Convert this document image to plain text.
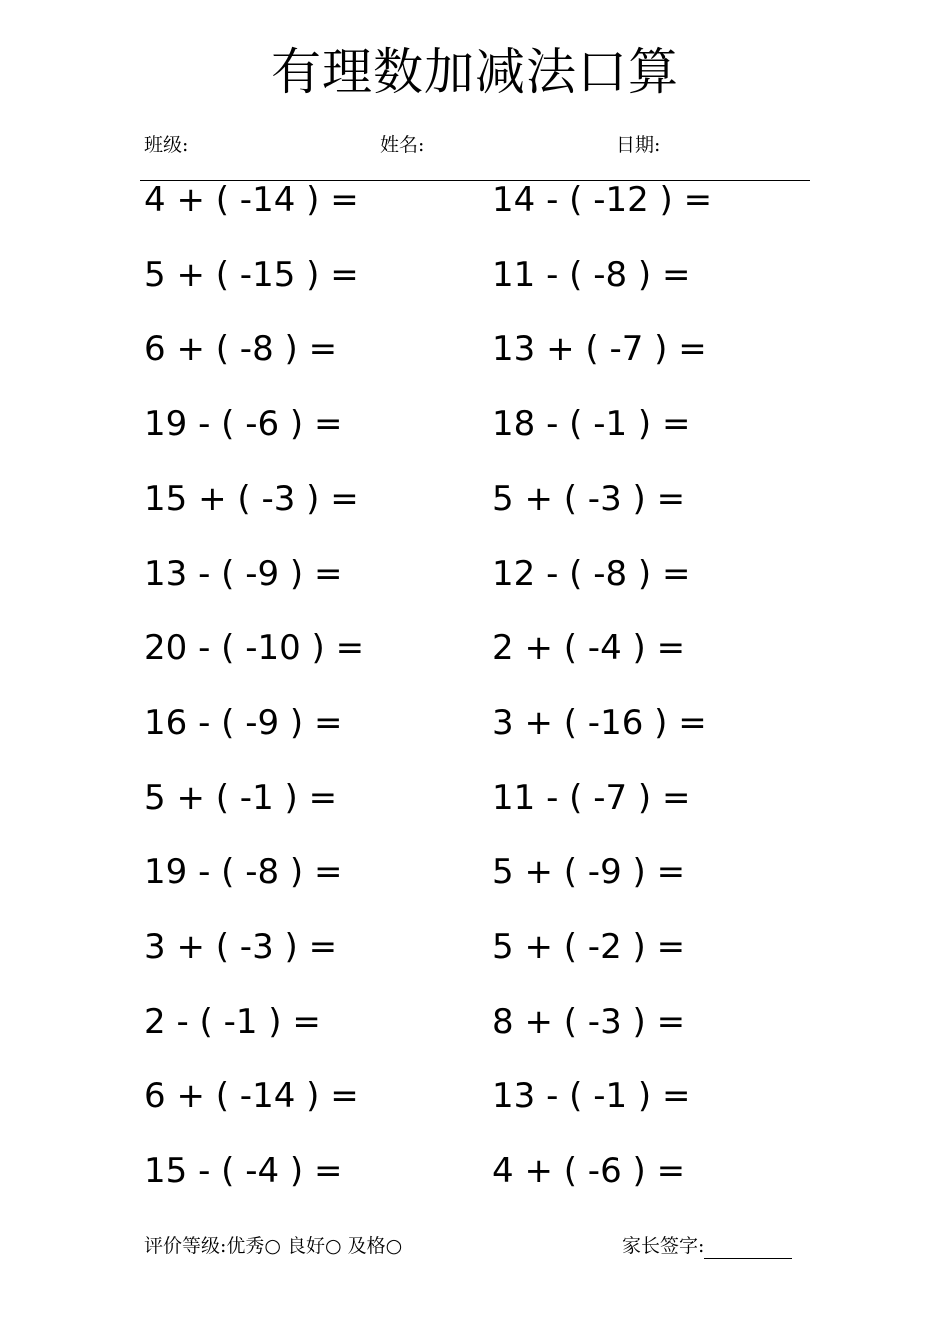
有理数加减法口算
班级:	姓名:	日期:
4 + ( -14 ) =
5 + ( -15 ) =
6 + ( -8 ) =
19 - ( -6 ) =
15 + ( -3 ) =
13 - ( -9 ) =
20 - ( -10 ) =
16 - ( -9 ) =
5 + ( -1 ) =
19 - ( -8 ) =
3 + ( -3 ) =
2 - ( -1 ) =
6 + ( -14 ) =
15 - ( -4 ) =
14 - ( -12 ) =
11 - ( -8 ) =
13 + ( -7 ) =
18 - ( -1 ) =
5 + ( -3 ) =
12 - ( -8 ) =
2 + ( -4 ) =
3 + ( -16 ) =
11 - ( -7 ) =
5 + ( -9 ) =
5 + ( -2 ) =
8 + ( -3 ) =
13 - ( -1 ) =
4 + ( -6 ) =
评价等级:优秀○ 良好○ 及格○	家长签字:
